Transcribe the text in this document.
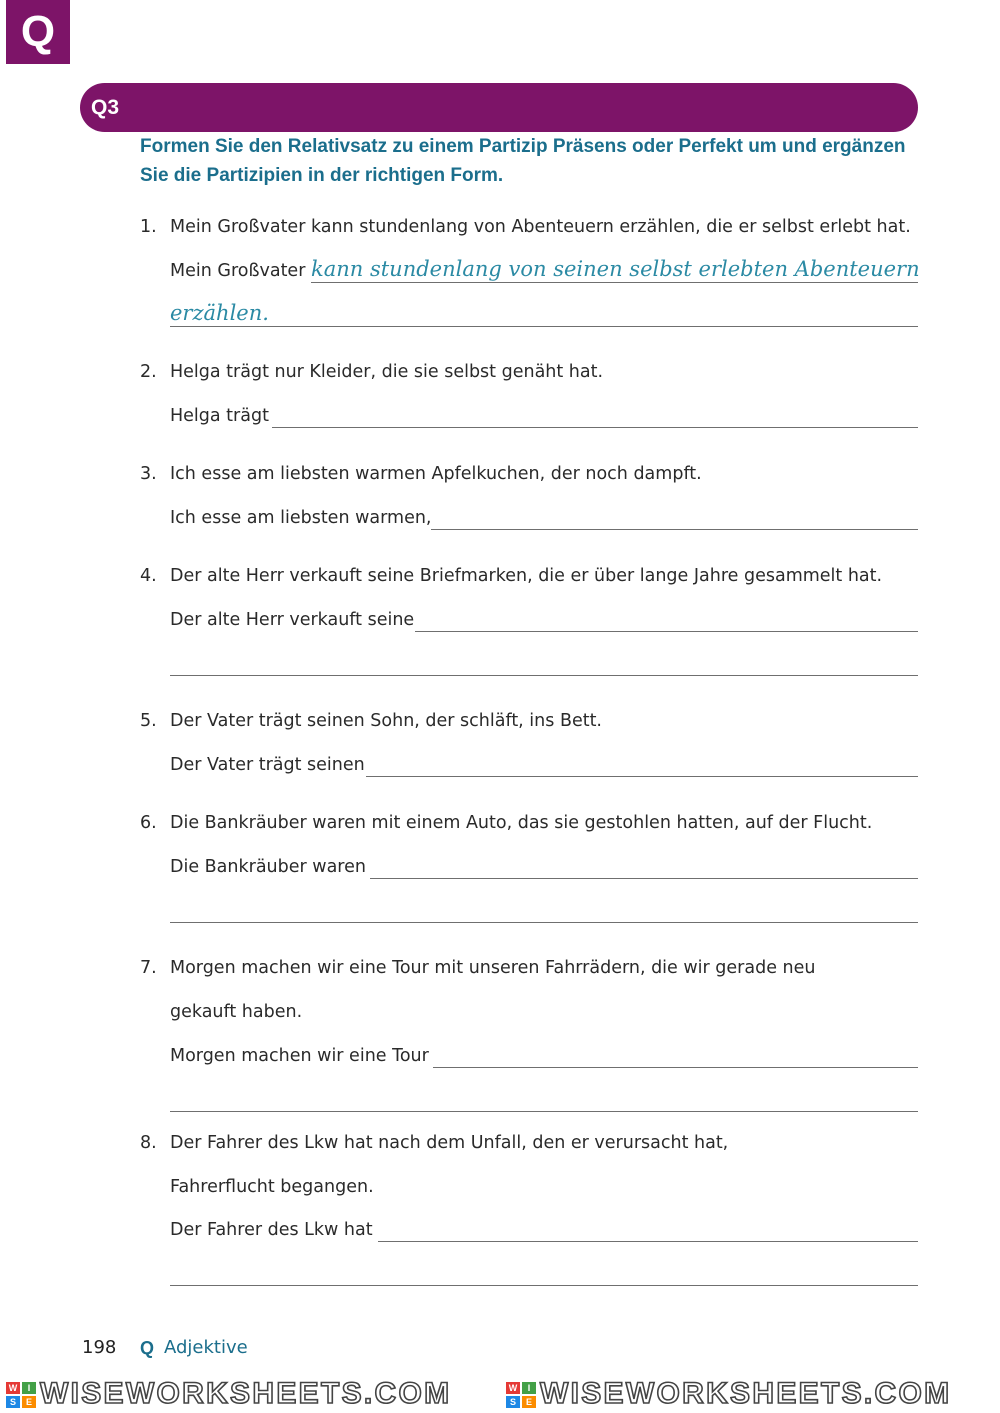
Q
Q3
Formen Sie den Relativsatz zu einem Partizip Präsens oder Perfekt um und ergänzen Sie die Partizipien in der richtigen Form.
1. Mein Großvater kann stundenlang von Abenteuern erzählen, die er selbst erlebt hat.
Mein Großvater kann stundenlang von seinen selbst erlebten Abenteuern
erzählen.
2. Helga trägt nur Kleider, die sie selbst genäht hat.
Helga trägt
3. Ich esse am liebsten warmen Apfelkuchen, der noch dampft.
Ich esse am liebsten warmen,
4. Der alte Herr verkauft seine Briefmarken, die er über lange Jahre gesammelt hat.
Der alte Herr verkauft seine
5. Der Vater trägt seinen Sohn, der schläft, ins Bett.
Der Vater trägt seinen
6. Die Bankräuber waren mit einem Auto, das sie gestohlen hatten, auf der Flucht.
Die Bankräuber waren
7. Morgen machen wir eine Tour mit unseren Fahrrädern, die wir gerade neu
gekauft haben.
Morgen machen wir eine Tour
8. Der Fahrer des Lkw hat nach dem Unfall, den er verursacht hat,
Fahrerflucht begangen.
Der Fahrer des Lkw hat
198 Q Adjektive
W	I
S	E WISEWORKSHEETS.COM	W	I
S	E WISEWORKSHEETS.COM
